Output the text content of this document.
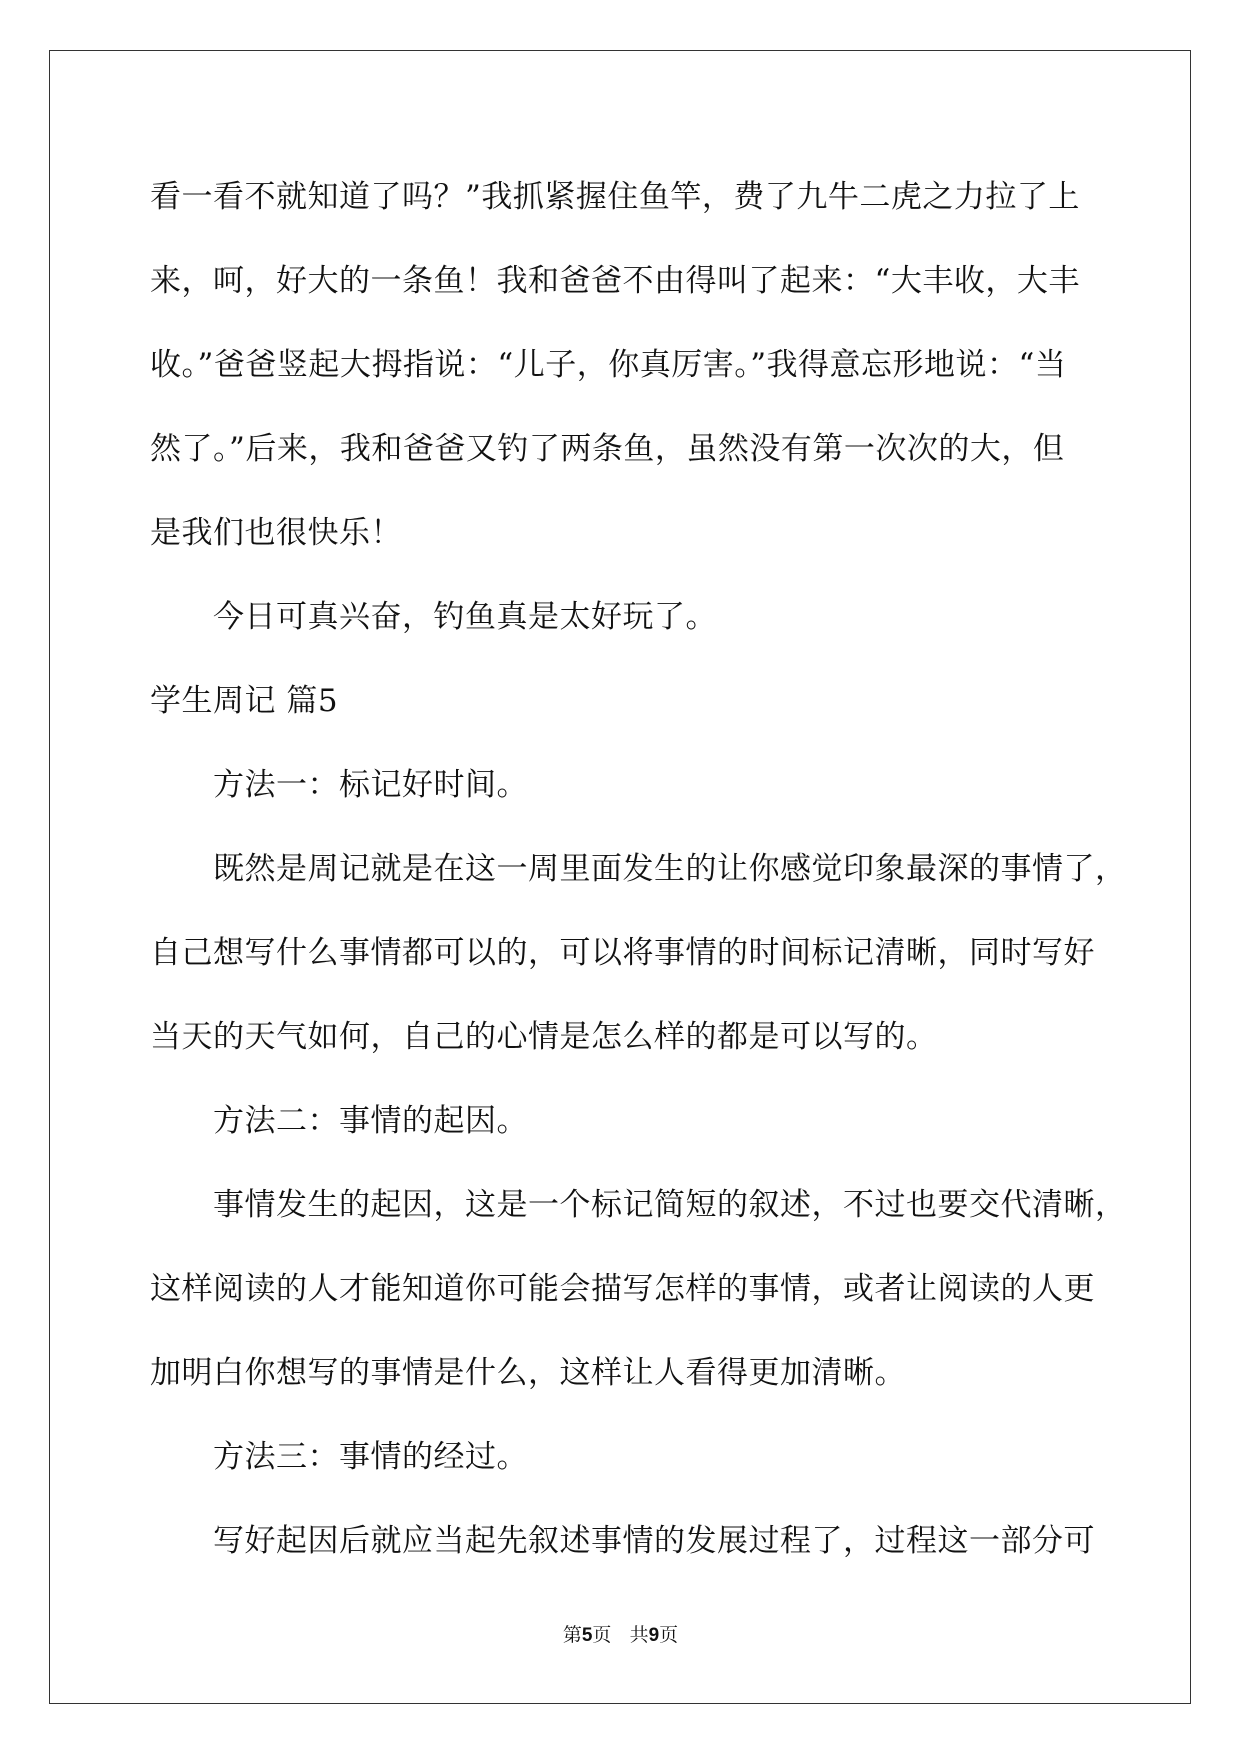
看一看不就知道了吗？”我抓紧握住鱼竿，费了九牛二虎之力拉了上
来，呵，好大的一条鱼！我和爸爸不由得叫了起来：“大丰收，大丰
收。”爸爸竖起大拇指说：“儿子，你真厉害。”我得意忘形地说：“当
然了。”后来，我和爸爸又钓了两条鱼，虽然没有第一次次的大，但
是我们也很快乐！
今日可真兴奋，钓鱼真是太好玩了。
学生周记 篇5
方法一：标记好时间。
既然是周记就是在这一周里面发生的让你感觉印象最深的事情了，
自己想写什么事情都可以的，可以将事情的时间标记清晰，同时写好
当天的天气如何，自己的心情是怎么样的都是可以写的。
方法二：事情的起因。
事情发生的起因，这是一个标记简短的叙述，不过也要交代清晰，
这样阅读的人才能知道你可能会描写怎样的事情，或者让阅读的人更
加明白你想写的事情是什么，这样让人看得更加清晰。
方法三：事情的经过。
写好起因后就应当起先叙述事情的发展过程了，过程这一部分可
第5页 共9页
